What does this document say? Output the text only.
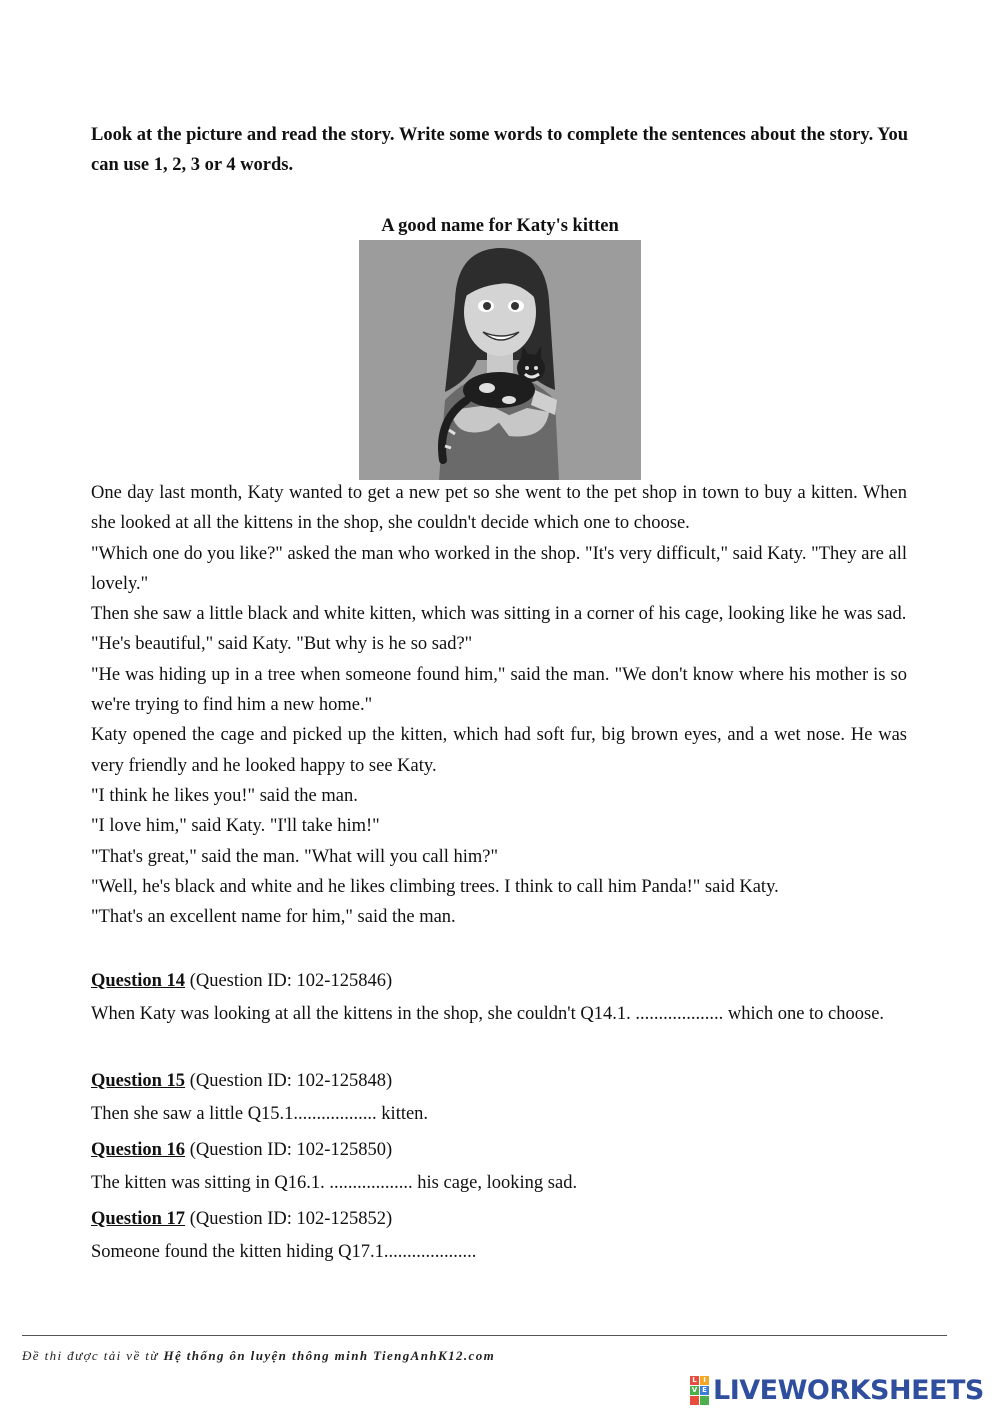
Look at the picture and read the story. Write some words to complete the sentences about the story. You can use 1, 2, 3 or 4 words.
A good name for Katy's kitten

One day last month, Katy wanted to get a new pet so she went to the pet shop in town to buy a kitten. When she looked at all the kittens in the shop, she couldn't decide which one to choose.

"Which one do you like?" asked the man who worked in the shop. "It's very difficult," said Katy. "They are all lovely."

Then she saw a little black and white kitten, which was sitting in a corner of his cage, looking like he was sad.

"He's beautiful," said Katy. "But why is he so sad?"

"He was hiding up in a tree when someone found him," said the man. "We don't know where his mother is so we're trying to find him a new home."

Katy opened the cage and picked up the kitten, which had soft fur, big brown eyes, and a wet nose. He was very friendly and he looked happy to see Katy.

"I think he likes you!" said the man.

"I love him," said Katy. "I'll take him!"

"That's great," said the man. "What will you call him?"

"Well, he's black and white and he likes climbing trees. I think to call him Panda!" said Katy.

"That's an excellent name for him," said the man.

Question 14 (Question ID: 102-125846)

When Katy was looking at all the kittens in the shop, she couldn't Q14.1. ................... which one to choose.

Question 15 (Question ID: 102-125848)

Then she saw a little Q15.1.................. kitten.

Question 16 (Question ID: 102-125850)

The kitten was sitting in Q16.1. .................. his cage, looking sad.

Question 17 (Question ID: 102-125852)

Someone found the kitten hiding Q17.1....................

Đề thi được tải về từ Hệ thống ôn luyện thông minh TiengAnhK12.com
L I
V E LIVEWORKSHEETS
